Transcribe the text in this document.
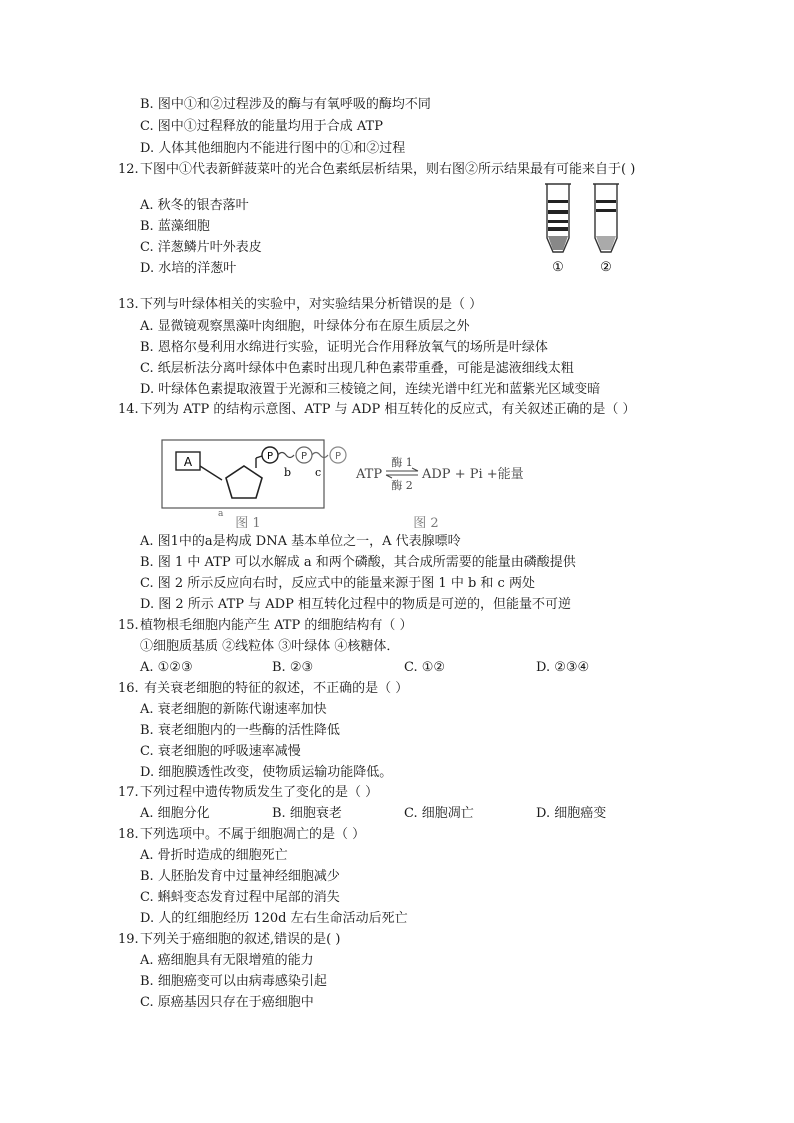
B. 图中①和②过程涉及的酶与有氧呼吸的酶均不同
C. 图中①过程释放的能量均用于合成 ATP
D. 人体其他细胞内不能进行图中的①和②过程
12.下图中①代表新鲜菠菜叶的光合色素纸层析结果，则右图②所示结果最有可能来自于( )
A. 秋冬的银杏落叶
B. 蓝藻细胞
C. 洋葱鳞片叶外表皮
D. 水培的洋葱叶	①	②
13.下列与叶绿体相关的实验中，对实验结果分析错误的是（ ）
A. 显微镜观察黑藻叶肉细胞，叶绿体分布在原生质层之外
B. 恩格尔曼利用水绵进行实验，证明光合作用释放氧气的场所是叶绿体
C. 纸层析法分离叶绿体中色素时出现几种色素带重叠，可能是滤液细线太粗
D. 叶绿体色素提取液置于光源和三棱镜之间，连续光谱中红光和蓝紫光区域变暗
14.下列为 ATP 的结构示意图、ATP 与 ADP 相互转化的反应式，有关叙述正确的是（ ）
A	P	P	P
b c
a
图 1	图 2
ATP
酶 1
酶 2
ADP + Pi +能量
A. 图1中的a是构成 DNA 基本单位之一，A 代表腺嘌呤
B. 图 1 中 ATP 可以水解成 a 和两个磷酸，其合成所需要的能量由磷酸提供
C. 图 2 所示反应向右时，反应式中的能量来源于图 1 中 b 和 c 两处
D. 图 2 所示 ATP 与 ADP 相互转化过程中的物质是可逆的，但能量不可逆
15.植物根毛细胞内能产生 ATP 的细胞结构有（ ）
①细胞质基质 ②线粒体 ③叶绿体 ④核糖体．
A. ①②③	B. ②③	C. ①②	D. ②③④
16. 有关衰老细胞的特征的叙述，不正确的是（ ）
A. 衰老细胞的新陈代谢速率加快
B. 衰老细胞内的一些酶的活性降低
C. 衰老细胞的呼吸速率减慢
D. 细胞膜透性改变，使物质运输功能降低。
17.下列过程中遗传物质发生了变化的是（ ）
A. 细胞分化	B. 细胞衰老	C. 细胞凋亡	D. 细胞癌变
18.下列选项中。不属于细胞凋亡的是（ ）
A. 骨折时造成的细胞死亡
B. 人胚胎发育中过量神经细胞减少
C. 蝌蚪变态发育过程中尾部的消失
D. 人的红细胞经历 120d 左右生命活动后死亡
19.下列关于癌细胞的叙述,错误的是( )
A. 癌细胞具有无限增殖的能力
B. 细胞癌变可以由病毒感染引起
C. 原癌基因只存在于癌细胞中
